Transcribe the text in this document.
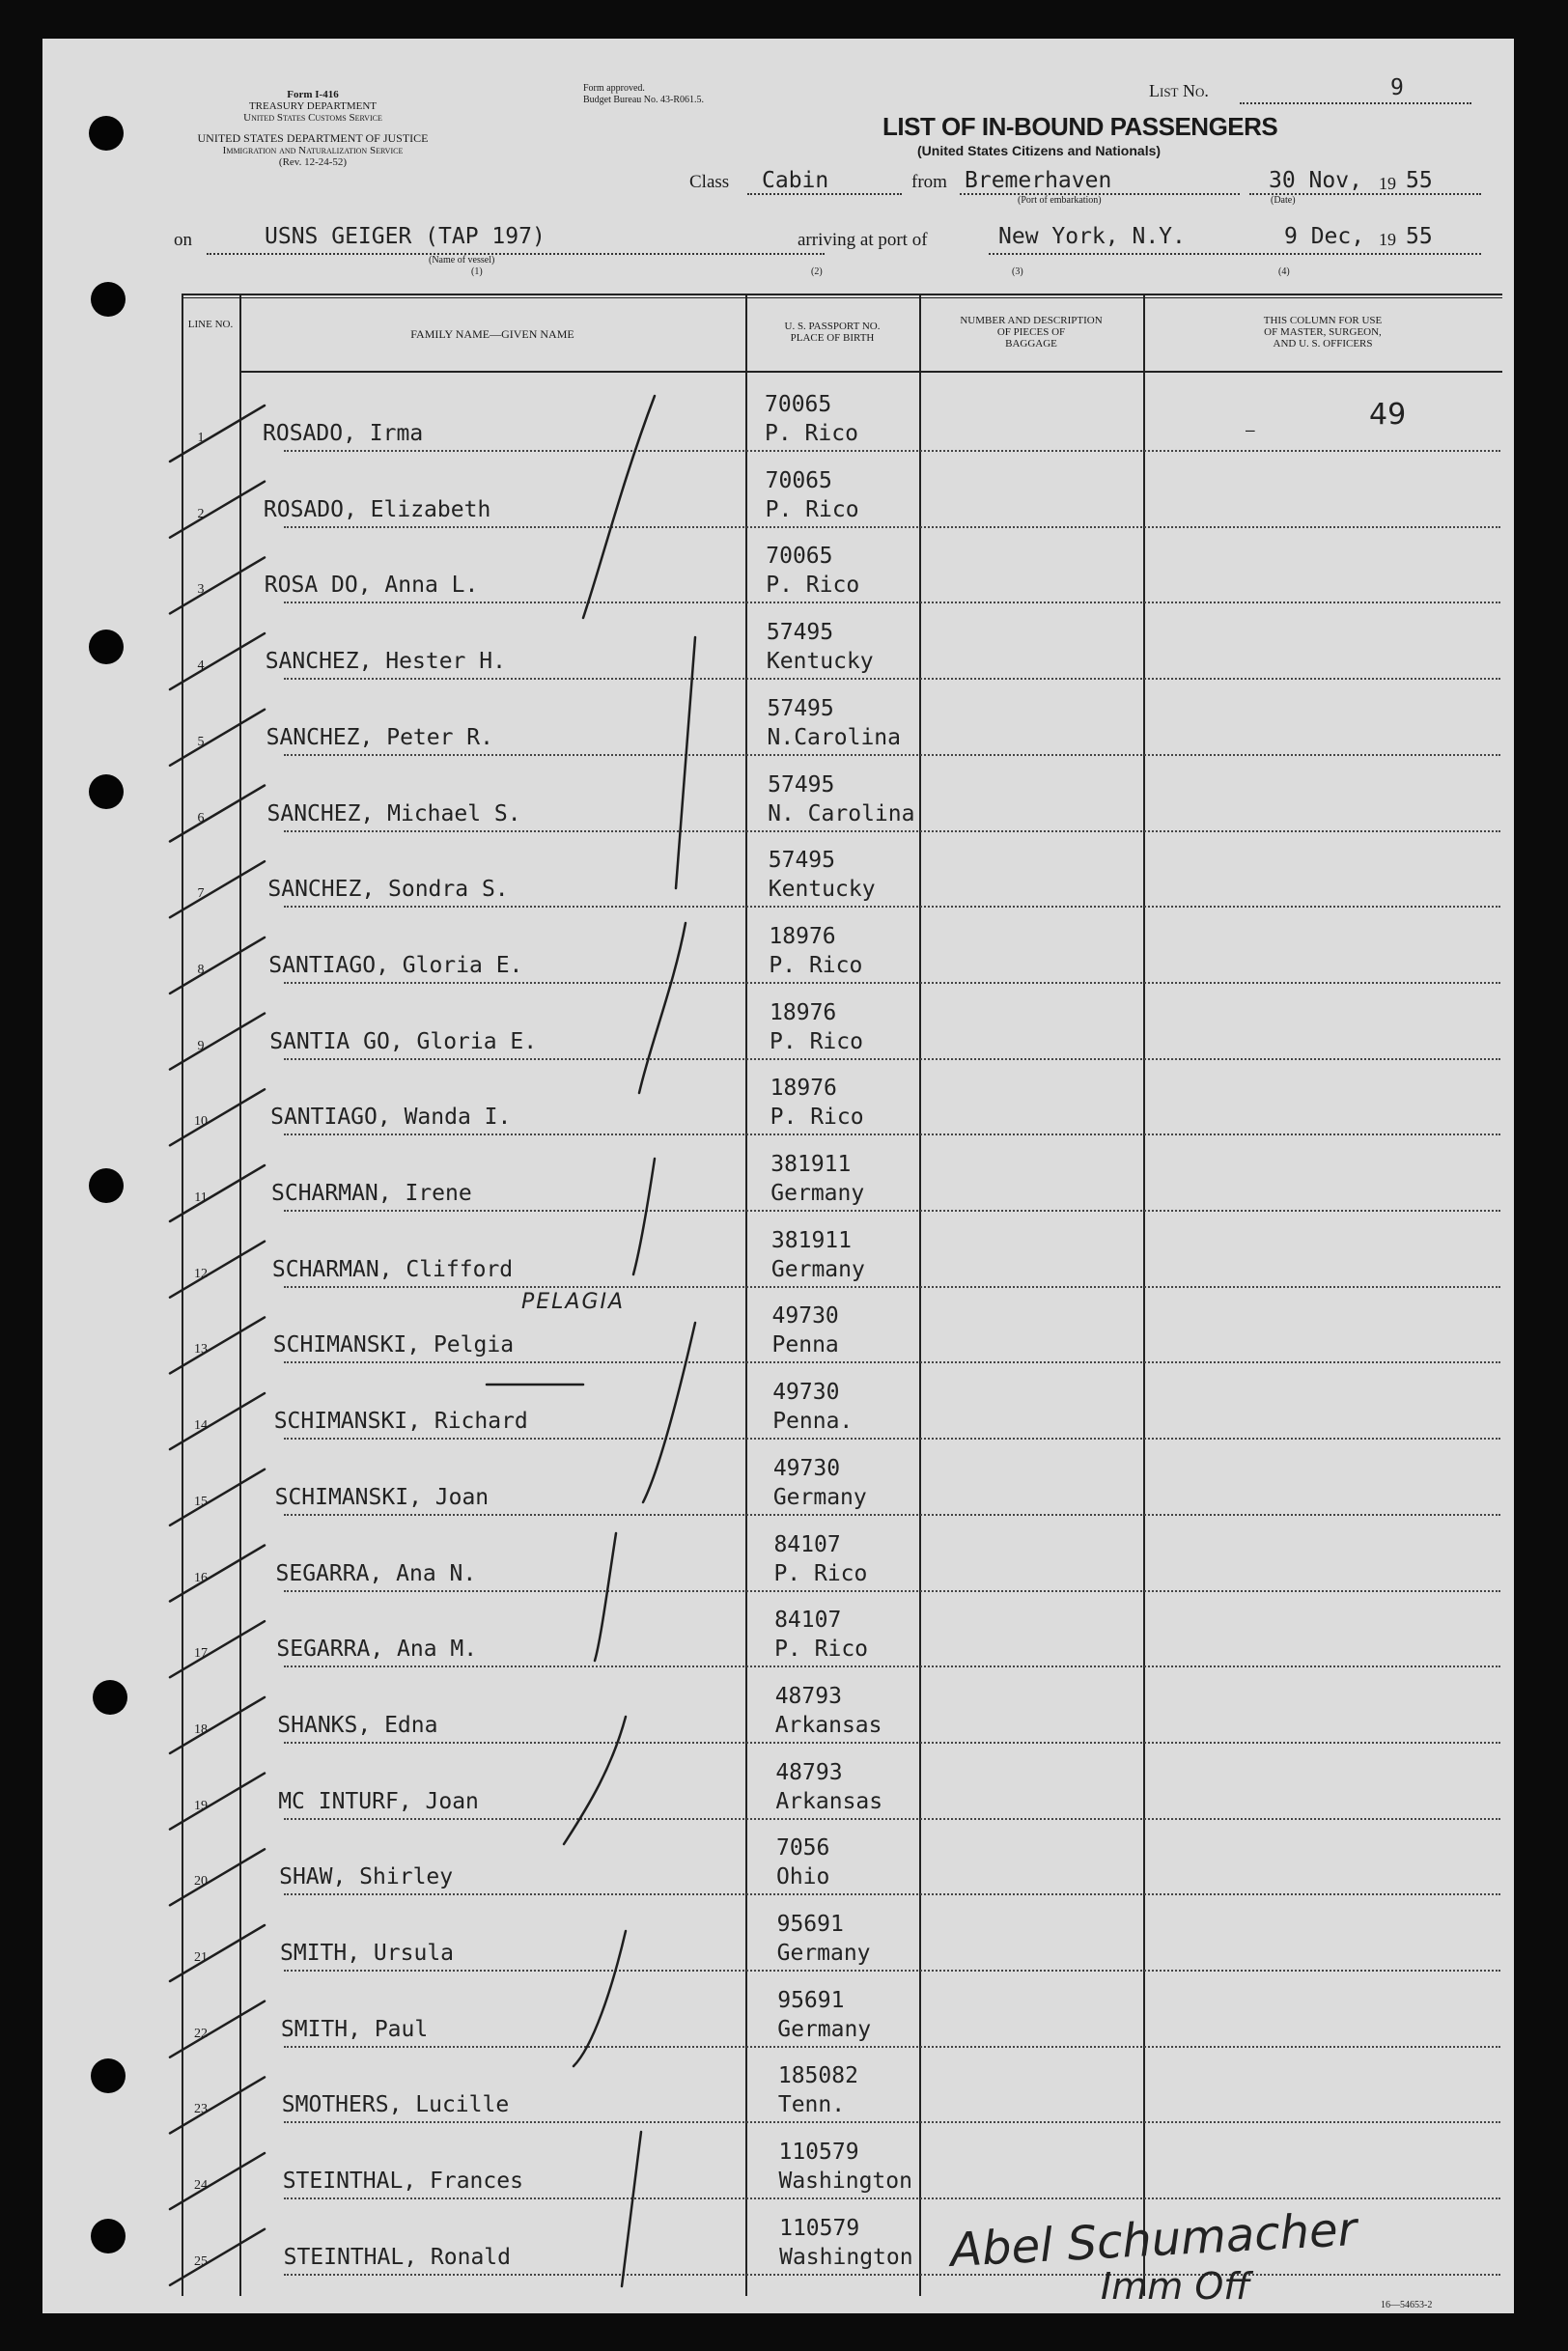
Form I-416
TREASURY DEPARTMENT
United States Customs Service
UNITED STATES DEPARTMENT OF JUSTICE
Immigration and Naturalization Service
(Rev. 12-24-52)
Form approved.
Budget Bureau No. 43-R061.5.	List No.	9
LIST OF IN-BOUND PASSENGERS
(United States Citizens and Nationals)
Class Cabin	from Bremerhaven
(Port of embarkation)
30 Nov, 19 55
(Date)
on	USNS GEIGER (TAP 197)
(Name of vessel)
(1)
arriving at port of	New York, N.Y.	9 Dec, 19 55
(2)	(3)	(4)
LINE NO.
FAMILY NAME—GIVEN NAME
U. S. PASSPORT NO.
PLACE OF BIRTH
NUMBER AND DESCRIPTION
OF PIECES OF
BAGGAGE
THIS COLUMN FOR USE
OF MASTER, SURGEON,
AND U. S. OFFICERS
1	ROSADO, Irma
70065
P. Rico
2	ROSADO, Elizabeth
70065
P. Rico
3	ROSA DO, Anna L.
70065
P. Rico
4	SANCHEZ, Hester H.
57495
Kentucky
5	SANCHEZ, Peter R.
57495
N.Carolina
6	SANCHEZ, Michael S.
57495
N. Carolina
7	SANCHEZ, Sondra S.
57495
Kentucky
8	SANTIAGO, Gloria E.
18976
P. Rico
9	SANTIA GO, Gloria E.
18976
P. Rico
10	SANTIAGO, Wanda I.
18976
P. Rico
11	SCHARMAN, Irene
381911
Germany
12	SCHARMAN, Clifford
381911
Germany
13	SCHIMANSKI, Pelgia
49730
Penna
14	SCHIMANSKI, Richard
49730
Penna.
15	SCHIMANSKI, Joan
49730
Germany
16	SEGARRA, Ana N.
84107
P. Rico
17	SEGARRA, Ana M.
84107
P. Rico
18	SHANKS, Edna
48793
Arkansas
19	MC INTURF, Joan
48793
Arkansas
20	SHAW, Shirley
7056
Ohio
21	SMITH, Ursula
95691
Germany
22	SMITH, Paul
95691
Germany
23	SMOTHERS, Lucille
185082
Tenn.
24	STEINTHAL, Frances
110579
Washington
25	STEINTHAL, Ronald
110579
Washington
49
–
PELAGIA
Abel Schumacher
Imm Off	16—54653-2
